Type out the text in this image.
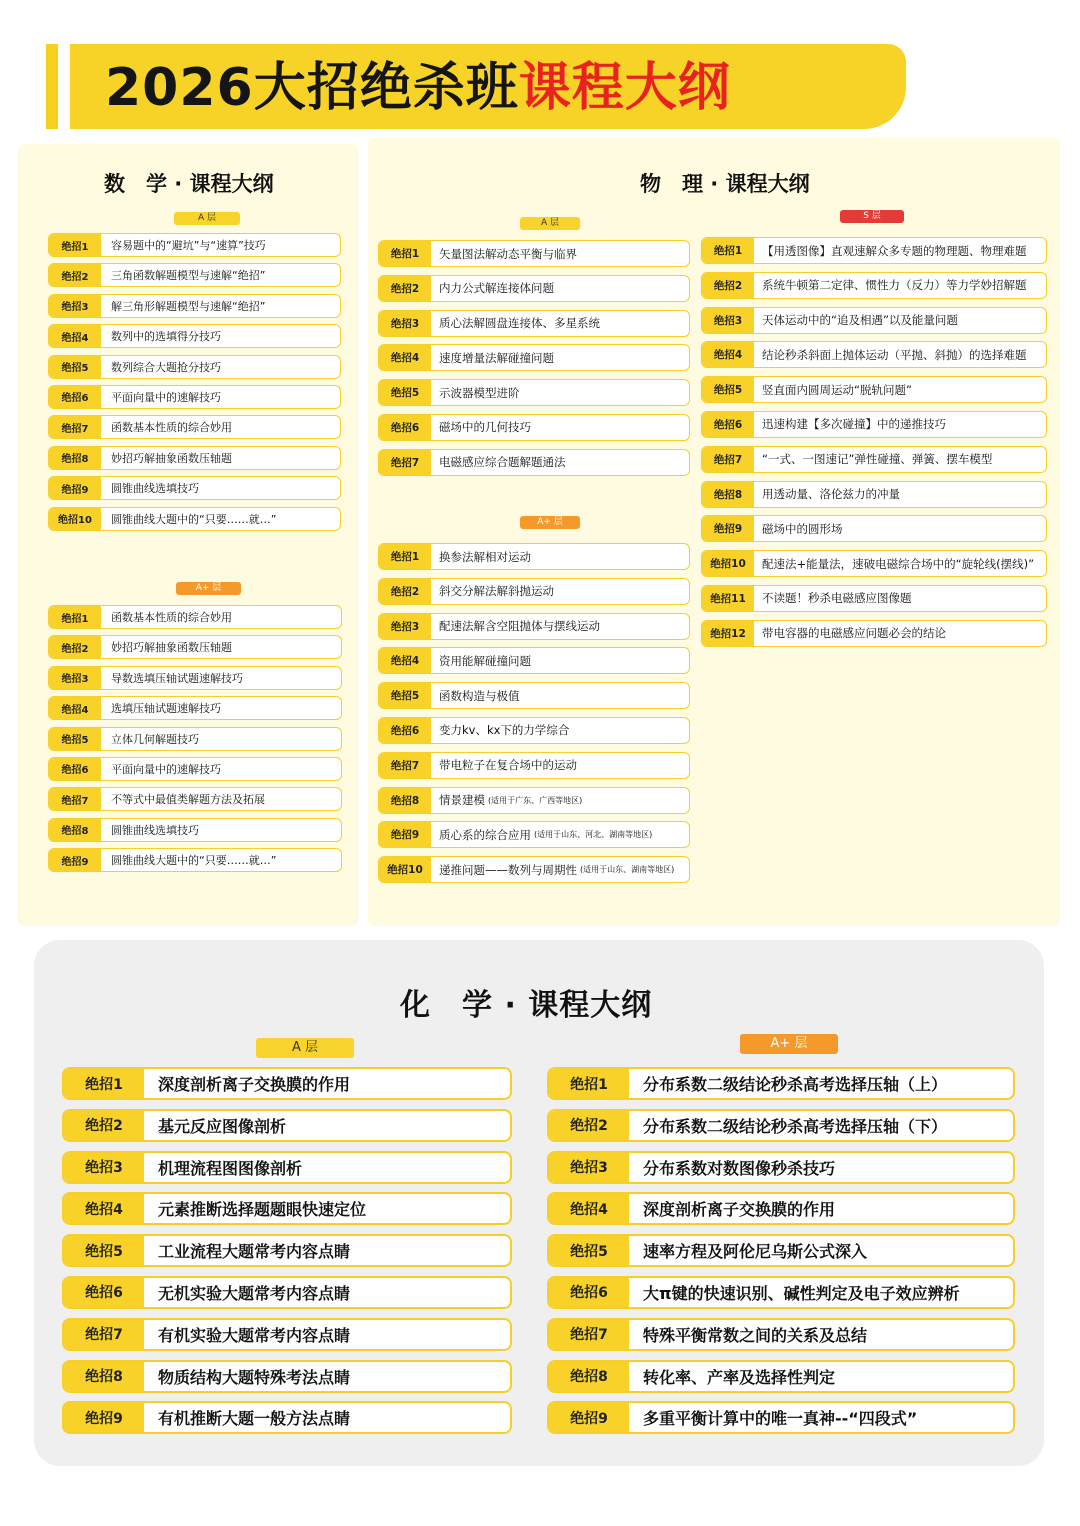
2026大招绝杀班课程大纲
数　学 · 课程大纲
A 层
绝招1	容易题中的“避坑”与“速算”技巧
绝招2	三角函数解题模型与速解“绝招”
绝招3	解三角形解题模型与速解“绝招”
绝招4	数列中的选填得分技巧
绝招5	数列综合大题抢分技巧
绝招6	平面向量中的速解技巧
绝招7	函数基本性质的综合妙用
绝招8	妙招巧解抽象函数压轴题
绝招9	圆锥曲线选填技巧
绝招10	圆锥曲线大题中的“只要……就…”
A+ 层
绝招1	函数基本性质的综合妙用
绝招2	妙招巧解抽象函数压轴题
绝招3	导数选填压轴试题速解技巧
绝招4	选填压轴试题速解技巧
绝招5	立体几何解题技巧
绝招6	平面向量中的速解技巧
绝招7	不等式中最值类解题方法及拓展
绝招8	圆锥曲线选填技巧
绝招9	圆锥曲线大题中的“只要……就…”
物　理 · 课程大纲
A 层
绝招1	矢量图法解动态平衡与临界
绝招2	内力公式解连接体问题
绝招3	质心法解圆盘连接体、多星系统
绝招4	速度增量法解碰撞问题
绝招5	示波器模型进阶
绝招6	磁场中的几何技巧
绝招7	电磁感应综合题解题通法
A+ 层
绝招1	换参法解相对运动
绝招2	斜交分解法解斜抛运动
绝招3	配速法解含空阻抛体与摆线运动
绝招4	资用能解碰撞问题
绝招5	函数构造与极值
绝招6	变力kv、kx下的力学综合
绝招7	带电粒子在复合场中的运动
绝招8	情景建模 (适用于广东、广西等地区)
绝招9	质心系的综合应用 (适用于山东、河北、湖南等地区)
绝招10	递推问题——数列与周期性 (适用于山东、湖南等地区)
S 层
绝招1	【用透图像】直观速解众多专题的物理题、物理难题
绝招2	系统牛顿第二定律、惯性力（反力）等力学妙招解题
绝招3	天体运动中的“追及相遇”以及能量问题
绝招4	结论秒杀斜面上抛体运动（平抛、斜抛）的选择难题
绝招5	竖直面内圆周运动“脱轨问题”
绝招6	迅速构建【多次碰撞】中的递推技巧
绝招7	“一式、一图速记”弹性碰撞、弹簧、摆车模型
绝招8	用透动量、洛伦兹力的冲量
绝招9	磁场中的圆形场
绝招10	配速法+能量法，速破电磁综合场中的“旋轮线(摆线)”
绝招11	不读题！秒杀电磁感应图像题
绝招12	带电容器的电磁感应问题必会的结论
化　学 · 课程大纲
A 层
绝招1	深度剖析离子交换膜的作用
绝招2	基元反应图像剖析
绝招3	机理流程图图像剖析
绝招4	元素推断选择题题眼快速定位
绝招5	工业流程大题常考内容点睛
绝招6	无机实验大题常考内容点睛
绝招7	有机实验大题常考内容点睛
绝招8	物质结构大题特殊考法点睛
绝招9	有机推断大题一般方法点睛
A+ 层
绝招1	分布系数二级结论秒杀高考选择压轴（上）
绝招2	分布系数二级结论秒杀高考选择压轴（下）
绝招3	分布系数对数图像秒杀技巧
绝招4	深度剖析离子交换膜的作用
绝招5	速率方程及阿伦尼乌斯公式深入
绝招6	大π键的快速识别、碱性判定及电子效应辨析
绝招7	特殊平衡常数之间的关系及总结
绝招8	转化率、产率及选择性判定
绝招9	多重平衡计算中的唯一真神--“四段式”
